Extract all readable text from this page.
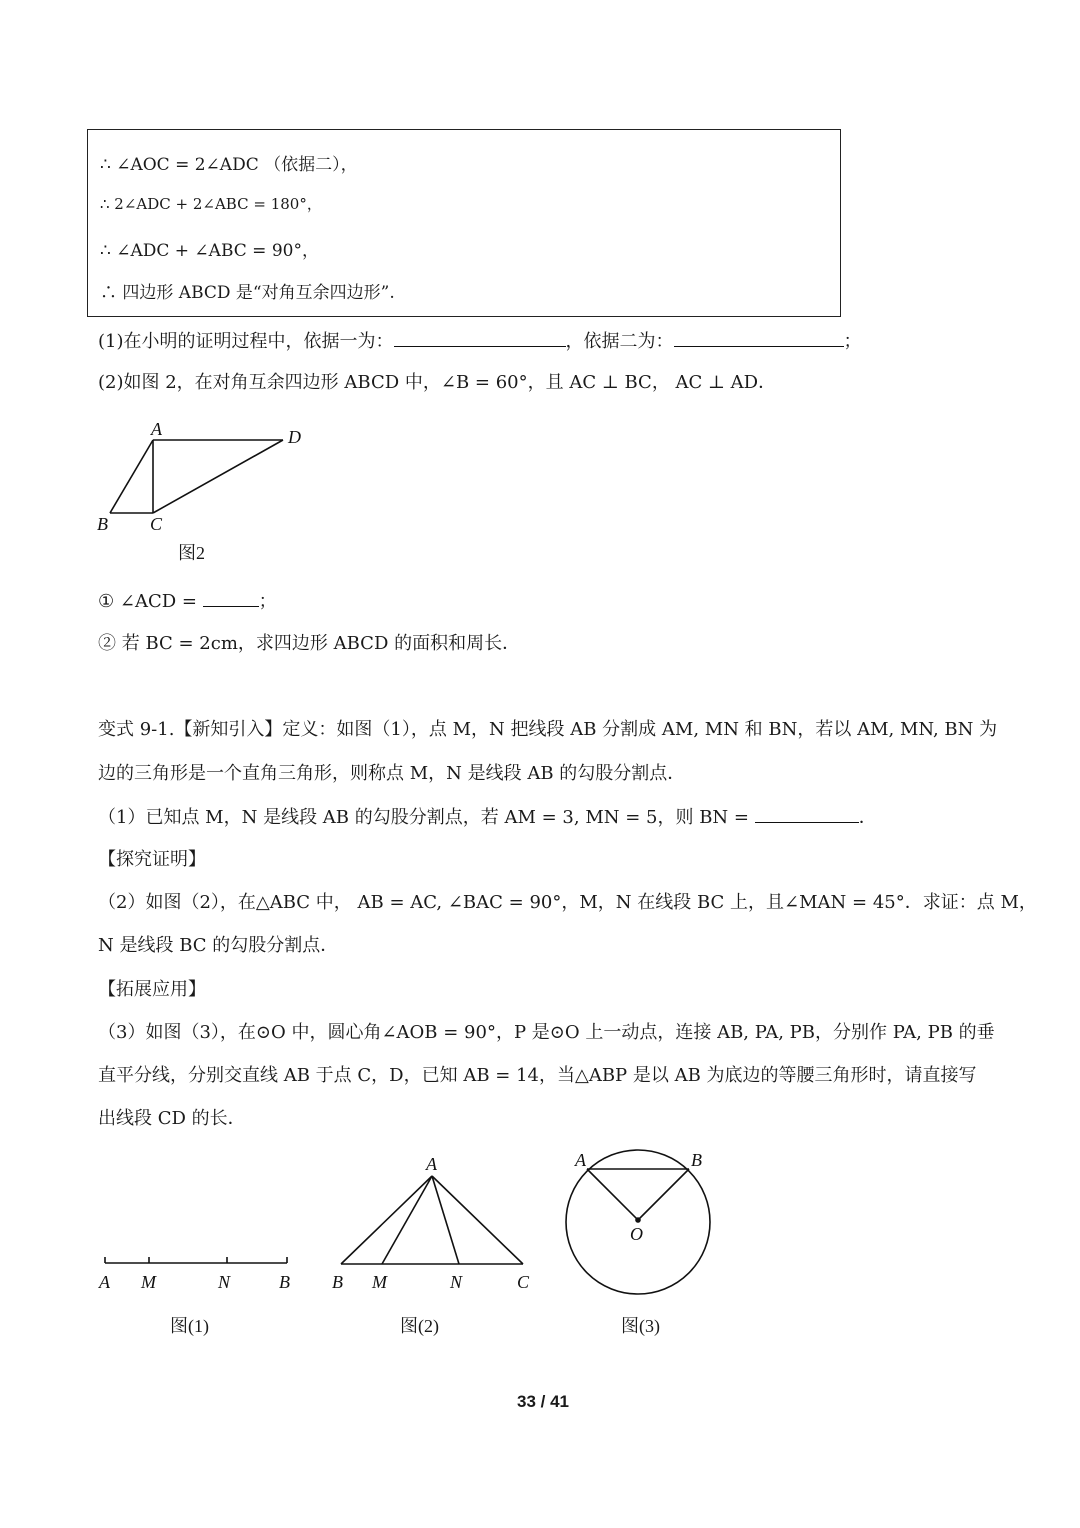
∴ ∠AOC = 2∠ADC （依据二），
∴ 2∠ADC + 2∠ABC = 180°，
∴ ∠ADC + ∠ABC = 90°，
∴ 四边形 ABCD 是“对角互余四边形”.
(1)在小明的证明过程中，依据一为：	，依据二为：	；
(2)如图 2，在对角互余四边形 ABCD 中，∠B = 60°，且 AC ⊥ BC， AC ⊥ AD．
A	D
B C
图2
① ∠ACD =	；
② 若 BC = 2cm，求四边形 ABCD 的面积和周长．
变式 9-1.【新知引入】定义：如图（1），点 M，N 把线段 AB 分割成 AM, MN 和 BN，若以 AM, MN, BN 为
边的三角形是一个直角三角形，则称点 M，N 是线段 AB 的勾股分割点．
（1）已知点 M，N 是线段 AB 的勾股分割点，若 AM = 3, MN = 5，则 BN =	．
【探究证明】
（2）如图（2），在△ABC 中， AB = AC, ∠BAC = 90°，M，N 在线段 BC 上，且∠MAN = 45°．求证：点 M，
N 是线段 BC 的勾股分割点．
【拓展应用】
（3）如图（3），在⊙O 中，圆心角∠AOB = 90°，P 是⊙O 上一动点，连接 AB, PA, PB，分别作 PA, PB 的垂
直平分线，分别交直线 AB 于点 C，D，已知 AB = 14，当△ABP 是以 AB 为底边的等腰三角形时，请直接写
出线段 CD 的长．
A M	N	B
图(1)
A
B M	N	C
图(2)
A	B
O
图(3)
33 / 41
